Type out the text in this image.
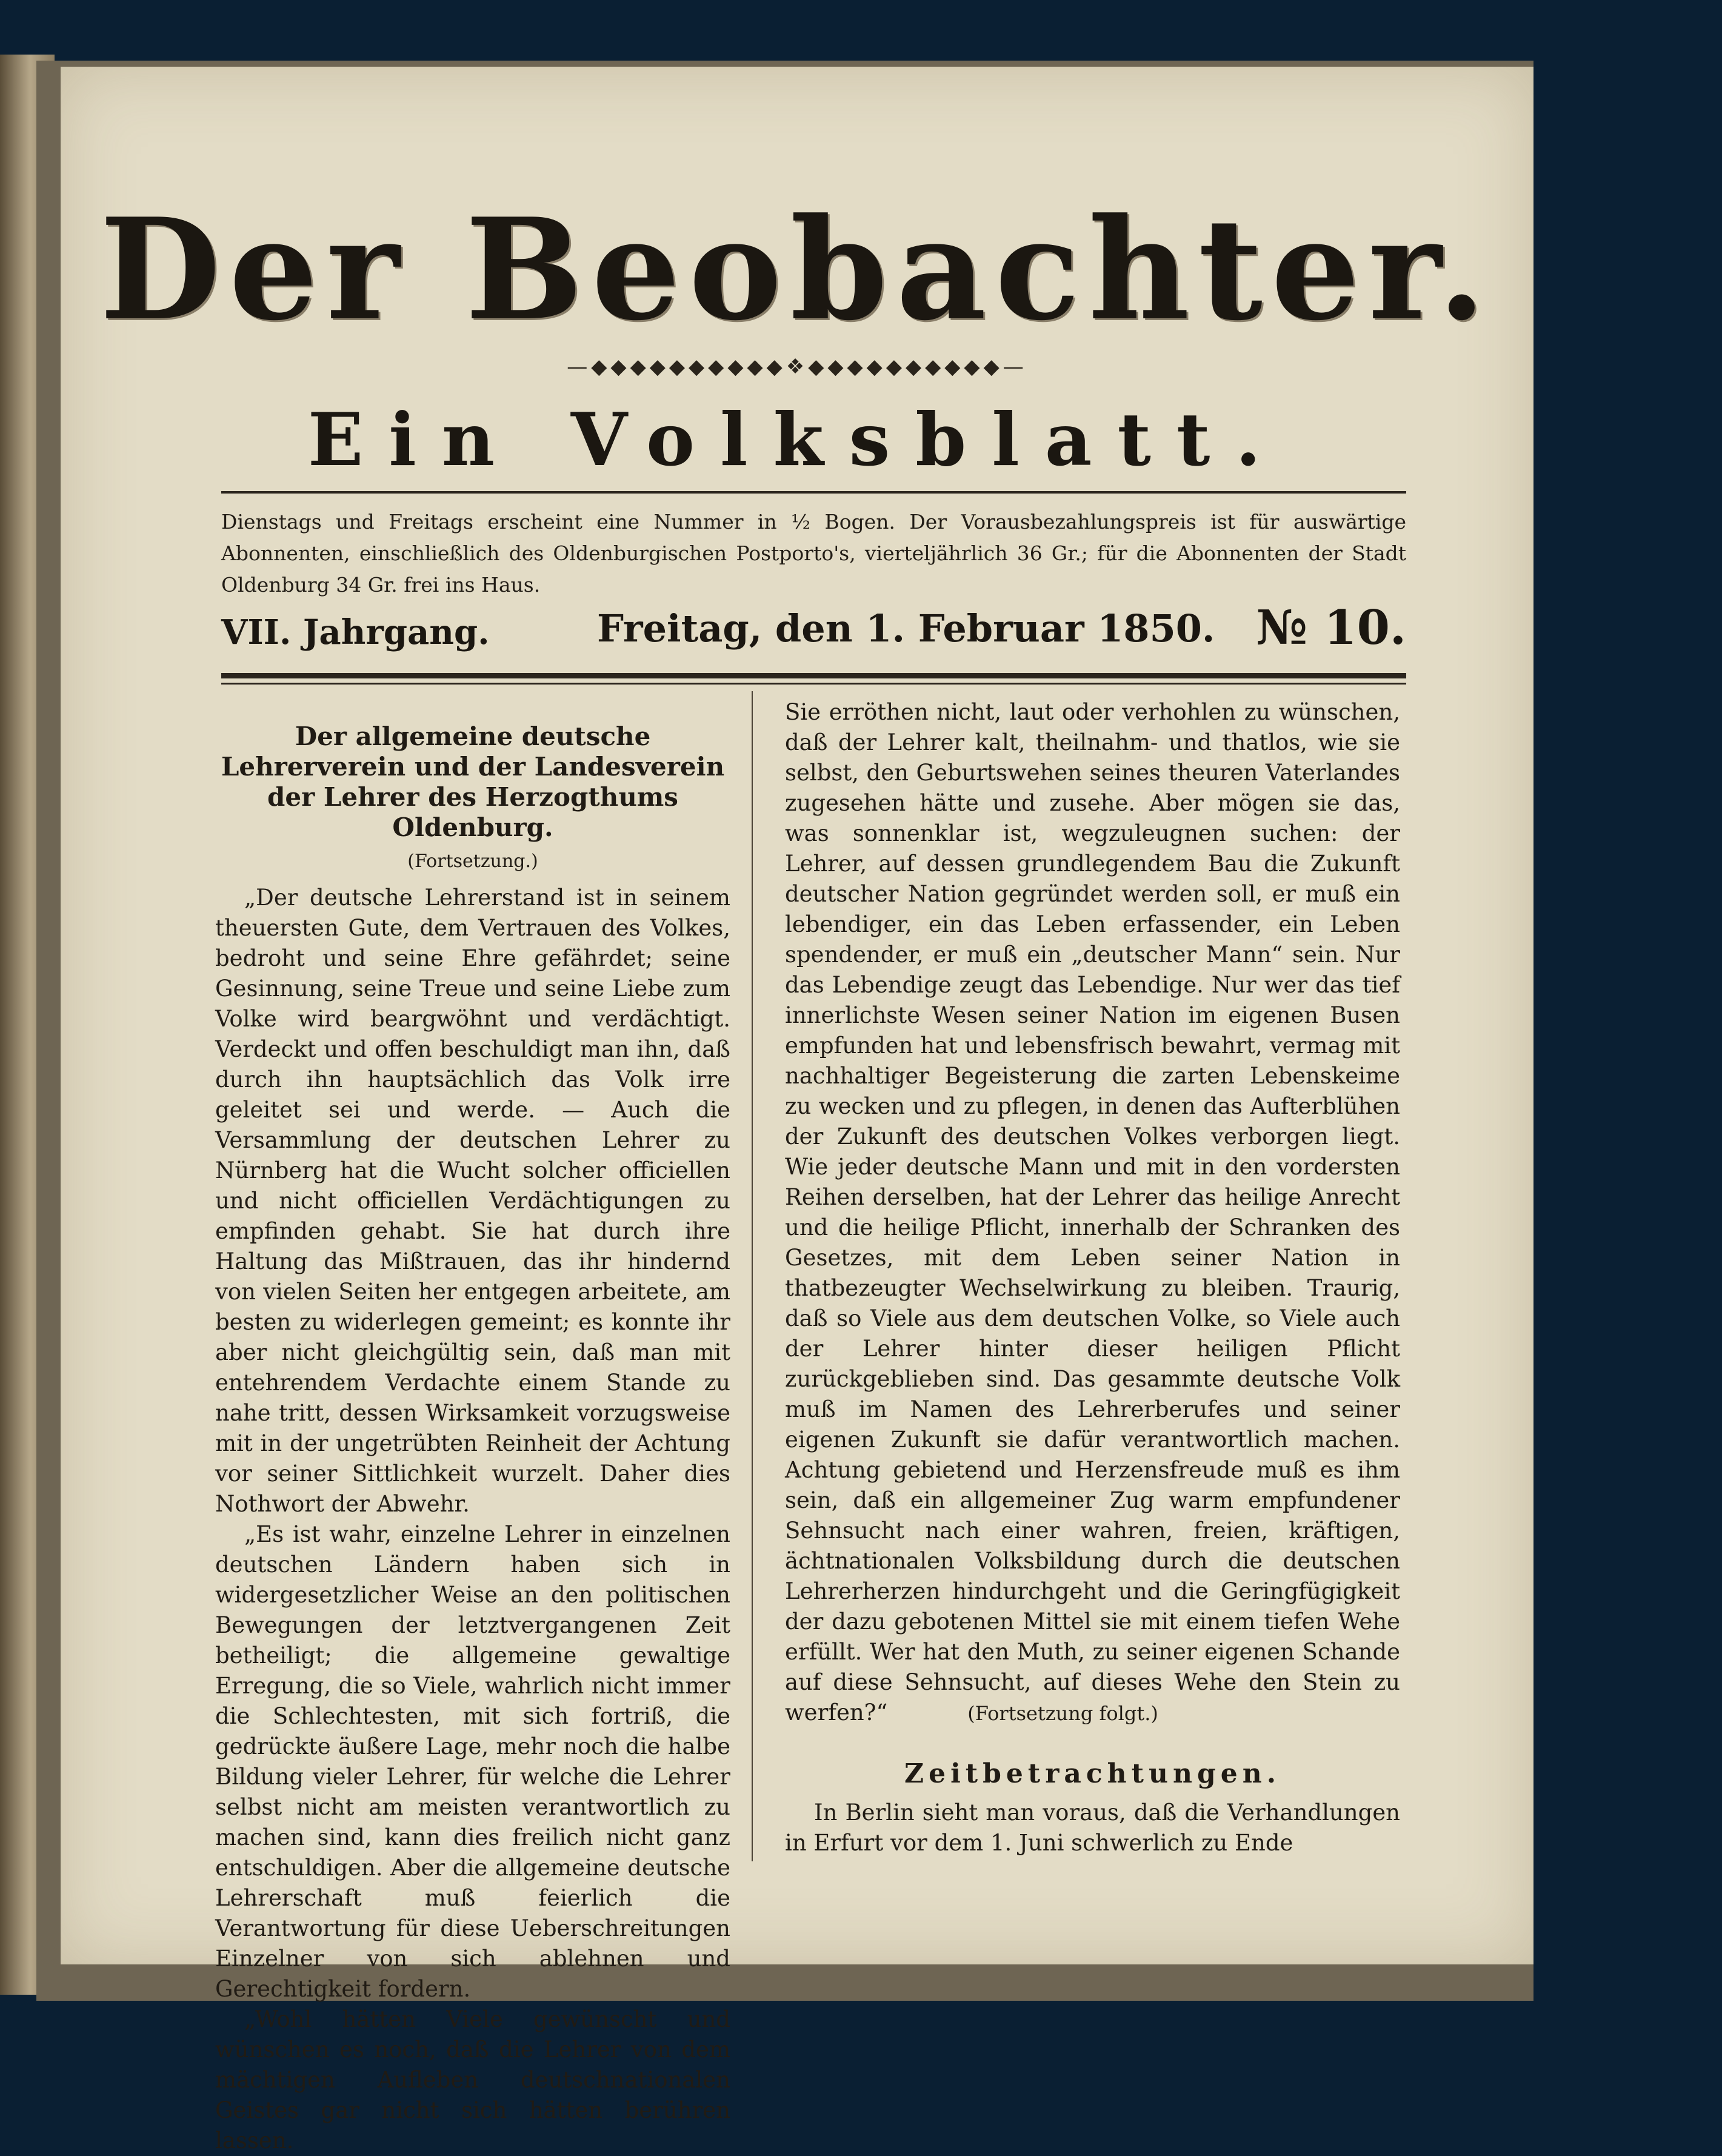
Der Beobachter.
—◆◆◆◆◆◆◆◆◆◆❖◆◆◆◆◆◆◆◆◆◆—
Ein Volksblatt.
Dienstags und Freitags erscheint eine Nummer in ½ Bogen. Der Vorausbezahlungspreis ist für auswärtige Abonnenten, einschließlich des Oldenburgischen Postporto's, vierteljährlich 36 Gr.; für die Abonnenten der Stadt Oldenburg 34 Gr. frei ins Haus.
VII. Jahrgang.	Freitag, den 1. Februar 1850. № 10.
Der allgemeine deutsche Lehrerverein und der Landesverein der Lehrer des Herzogthums Oldenburg.
(Fortsetzung.)

„Der deutsche Lehrerstand ist in seinem theuersten Gute, dem Vertrauen des Volkes, bedroht und seine Ehre gefährdet; seine Gesinnung, seine Treue und seine Liebe zum Volke wird beargwöhnt und verdächtigt. Verdeckt und offen beschuldigt man ihn, daß durch ihn hauptsächlich das Volk irre geleitet sei und werde. — Auch die Versammlung der deutschen Lehrer zu Nürnberg hat die Wucht solcher officiellen und nicht officiellen Verdächtigungen zu empfinden gehabt. Sie hat durch ihre Haltung das Mißtrauen, das ihr hindernd von vielen Seiten her entgegen arbeitete, am besten zu widerlegen gemeint; es konnte ihr aber nicht gleichgültig sein, daß man mit entehrendem Verdachte einem Stande zu nahe tritt, dessen Wirksamkeit vorzugsweise mit in der ungetrübten Reinheit der Achtung vor seiner Sittlichkeit wurzelt. Daher dies Nothwort der Abwehr.

„Es ist wahr, einzelne Lehrer in einzelnen deutschen Ländern haben sich in widergesetzlicher Weise an den politischen Bewegungen der letztvergangenen Zeit betheiligt; die allgemeine gewaltige Erregung, die so Viele, wahrlich nicht immer die Schlechtesten, mit sich fortriß, die gedrückte äußere Lage, mehr noch die halbe Bildung vieler Lehrer, für welche die Lehrer selbst nicht am meisten verantwortlich zu machen sind, kann dies freilich nicht ganz entschuldigen. Aber die allgemeine deutsche Lehrerschaft muß feierlich die Verantwortung für diese Ueberschreitungen Einzelner von sich ablehnen und Gerechtigkeit fordern.

„Wohl hätten Viele gewünscht und wünschen es noch, daß die Lehrer von dem mächtigen Aufleben deutschnationalen Geistes gar nicht sich hätten berühren lassen.

Sie erröthen nicht, laut oder verhohlen zu wünschen, daß der Lehrer kalt, theilnahm- und thatlos, wie sie selbst, den Geburtswehen seines theuren Vaterlandes zugesehen hätte und zusehe. Aber mögen sie das, was sonnenklar ist, wegzuleugnen suchen: der Lehrer, auf dessen grundlegendem Bau die Zukunft deutscher Nation gegründet werden soll, er muß ein lebendiger, ein das Leben erfassender, ein Leben spendender, er muß ein „deutscher Mann“ sein. Nur das Lebendige zeugt das Lebendige. Nur wer das tief innerlichste Wesen seiner Nation im eigenen Busen empfunden hat und lebensfrisch bewahrt, vermag mit nachhaltiger Begeisterung die zarten Lebenskeime zu wecken und zu pflegen, in denen das Aufterblühen der Zukunft des deutschen Volkes verborgen liegt. Wie jeder deutsche Mann und mit in den vordersten Reihen derselben, hat der Lehrer das heilige Anrecht und die heilige Pflicht, innerhalb der Schranken des Gesetzes, mit dem Leben seiner Nation in thatbezeugter Wechselwirkung zu bleiben. Traurig, daß so Viele aus dem deutschen Volke, so Viele auch der Lehrer hinter dieser heiligen Pflicht zurückgeblieben sind. Das gesammte deutsche Volk muß im Namen des Lehrerberufes und seiner eigenen Zukunft sie dafür verantwortlich machen. Achtung gebietend und Herzensfreude muß es ihm sein, daß ein allgemeiner Zug warm empfundener Sehnsucht nach einer wahren, freien, kräftigen, ächtnationalen Volksbildung durch die deutschen Lehrerherzen hindurchgeht und die Geringfügigkeit der dazu gebotenen Mittel sie mit einem tiefen Wehe erfüllt. Wer hat den Muth, zu seiner eigenen Schande auf diese Sehnsucht, auf dieses Wehe den Stein zu werfen?“	(Fortsetzung folgt.)

Zeitbetrachtungen.

In Berlin sieht man voraus, daß die Verhandlungen in Erfurt vor dem 1. Juni schwerlich zu Ende
